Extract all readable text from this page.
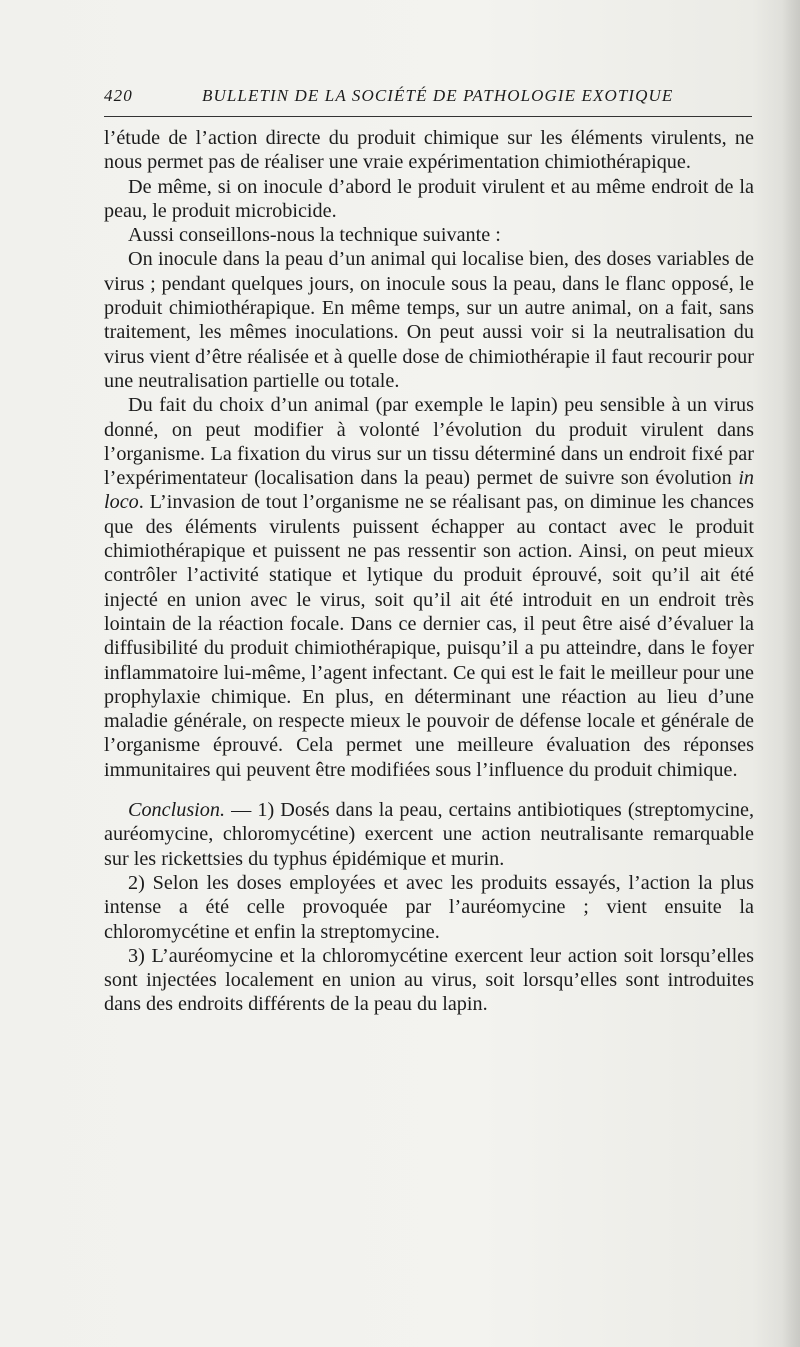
420	BULLETIN DE LA SOCIÉTÉ DE PATHOLOGIE EXOTIQUE

l’étude de l’action directe du produit chimique sur les éléments virulents, ne nous permet pas de réaliser une vraie expérimentation chimiothérapique.

De même, si on inocule d’abord le produit virulent et au même endroit de la peau, le produit microbicide.

Aussi conseillons-nous la technique suivante :

On inocule dans la peau d’un animal qui localise bien, des doses variables de virus ; pendant quelques jours, on inocule sous la peau, dans le flanc opposé, le produit chimiothérapique. En même temps, sur un autre animal, on a fait, sans traitement, les mêmes inoculations. On peut aussi voir si la neutralisation du virus vient d’être réalisée et à quelle dose de chimiothérapie il faut recourir pour une neutralisation partielle ou totale.

Du fait du choix d’un animal (par exemple le lapin) peu sensible à un virus donné, on peut modifier à volonté l’évolution du produit virulent dans l’organisme. La fixation du virus sur un tissu déterminé dans un endroit fixé par l’expérimentateur (localisation dans la peau) permet de suivre son évolution in loco. L’invasion de tout l’organisme ne se réalisant pas, on diminue les chances que des éléments virulents puissent échapper au contact avec le produit chimiothérapique et puissent ne pas ressentir son action. Ainsi, on peut mieux contrôler l’activité statique et lytique du produit éprouvé, soit qu’il ait été injecté en union avec le virus, soit qu’il ait été introduit en un endroit très lointain de la réaction focale. Dans ce dernier cas, il peut être aisé d’évaluer la diffusibilité du produit chimiothérapique, puisqu’il a pu atteindre, dans le foyer inflammatoire lui-même, l’agent infectant. Ce qui est le fait le meilleur pour une prophylaxie chimique. En plus, en déterminant une réaction au lieu d’une maladie générale, on respecte mieux le pouvoir de défense locale et générale de l’organisme éprouvé. Cela permet une meilleure évaluation des réponses immunitaires qui peuvent être modifiées sous l’influence du produit chimique.

Conclusion. — 1) Dosés dans la peau, certains antibiotiques (streptomycine, auréomycine, chloromycétine) exercent une action neutralisante remarquable sur les rickettsies du typhus épidémique et murin.

2) Selon les doses employées et avec les produits essayés, l’action la plus intense a été celle provoquée par l’auréomycine ; vient ensuite la chloromycétine et enfin la streptomycine.

3) L’auréomycine et la chloromycétine exercent leur action soit lorsqu’elles sont injectées localement en union au virus, soit lorsqu’elles sont introduites dans des endroits différents de la peau du lapin.
